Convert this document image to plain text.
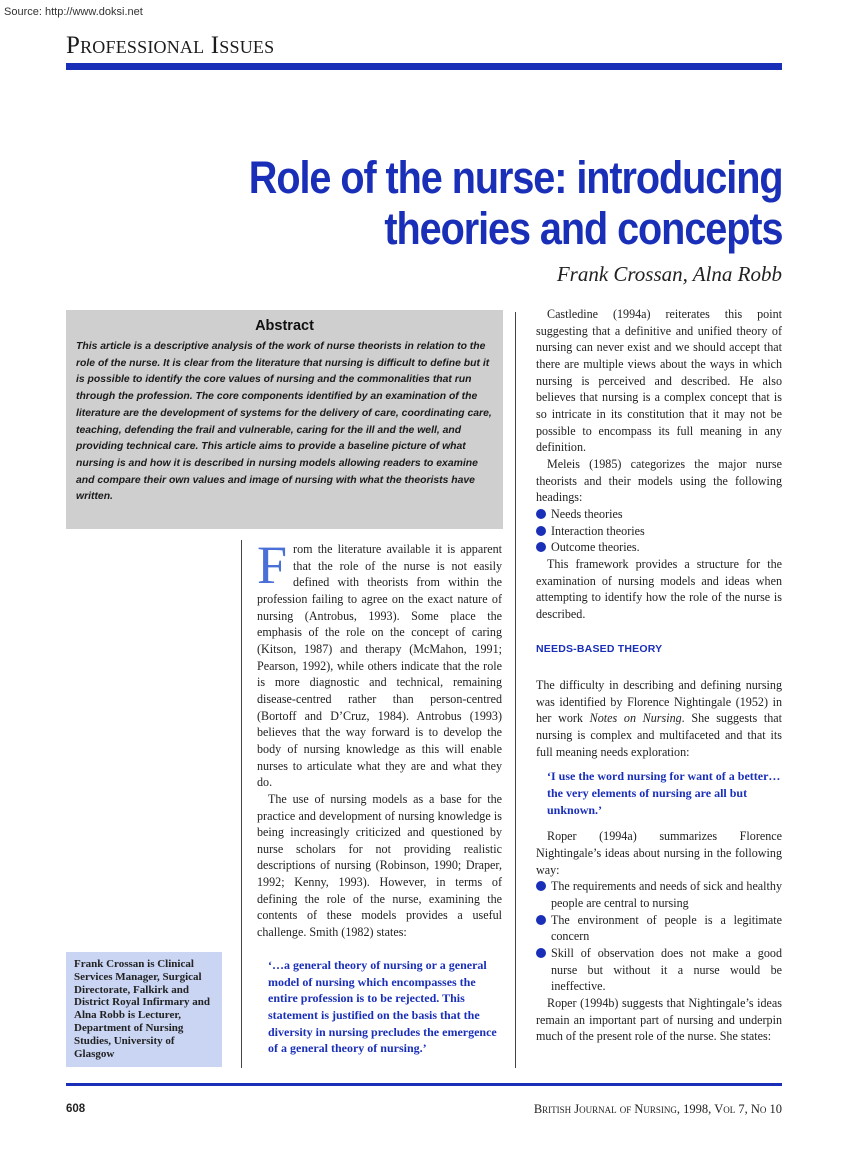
Source: http://www.doksi.net
Professional Issues
Role of the nurse: introducing
theories and concepts
Frank Crossan, Alna Robb
Abstract

This article is a descriptive analysis of the work of nurse theorists in relation to the role of the nurse. It is clear from the literature that nursing is difficult to define but it is possible to identify the core values of nursing and the commonalities that run through the profession. The core components identified by an examination of the literature are the development of systems for the delivery of care, coordinating care, teaching, defending the frail and vulnerable, caring for the ill and the well, and providing technical care. This article aims to provide a baseline picture of what nursing is and how it is described in nursing models allowing readers to examine and compare their own values and image of nursing with what the theorists have written.

Frank Crossan is Clinical Services Manager, Surgical Directorate, Falkirk and District Royal Infirmary and Alna Robb is Lecturer, Department of Nursing Studies, University of Glasgow
F rom the literature available it is apparent that the role of the nurse is not easily defined with theorists from within the profession failing to agree on the exact nature of nursing (Antrobus, 1993). Some place the emphasis of the role on the concept of caring (Kitson, 1987) and therapy (McMahon, 1991; Pearson, 1992), while others indicate that the role is more diagnostic and technical, remaining disease-centred rather than person-centred (Bortoff and D’Cruz, 1984). Antrobus (1993) believes that the way forward is to develop the body of nursing knowledge as this will enable nurses to articulate what they are and what they do.

The use of nursing models as a base for the practice and development of nursing knowledge is being increasingly criticized and questioned by nurse scholars for not providing realistic descriptions of nursing (Robinson, 1990; Draper, 1992; Kenny, 1993). However, in terms of defining the role of the nurse, examining the contents of these models provides a useful challenge. Smith (1982) states:

‘…a general theory of nursing or a general model of nursing which encompasses the entire profession is to be rejected. This statement is justified on the basis that the diversity in nursing precludes the emergence of a general theory of nursing.’

Castledine (1994a) reiterates this point suggesting that a definitive and unified theory of nursing can never exist and we should accept that there are multiple views about the ways in which nursing is perceived and described. He also believes that nursing is a complex concept that is so intricate in its constitution that it may not be possible to encompass its full meaning in any definition.

Meleis (1985) categorizes the major nurse theorists and their models using the following headings:

Needs theories
Interaction theories
Outcome theories.

This framework provides a structure for the examination of nursing models and ideas when attempting to identify how the role of the nurse is described.

NEEDS-BASED THEORY

The difficulty in describing and defining nursing was identified by Florence Nightingale (1952) in her work Notes on Nursing. She suggests that nursing is complex and multifaceted and that its full meaning needs exploration:

‘I use the word nursing for want of a better…the very elements of nursing are all but unknown.’

Roper (1994a) summarizes Florence Nightingale’s ideas about nursing in the following way:

The requirements and needs of sick and healthy people are central to nursing
The environment of people is a legitimate concern
Skill of observation does not make a good nurse but without it a nurse would be ineffective.

Roper (1994b) suggests that Nightingale’s ideas remain an important part of nursing and underpin much of the present role of the nurse. She states:

608	British Journal of Nursing, 1998, Vol 7, No 10
